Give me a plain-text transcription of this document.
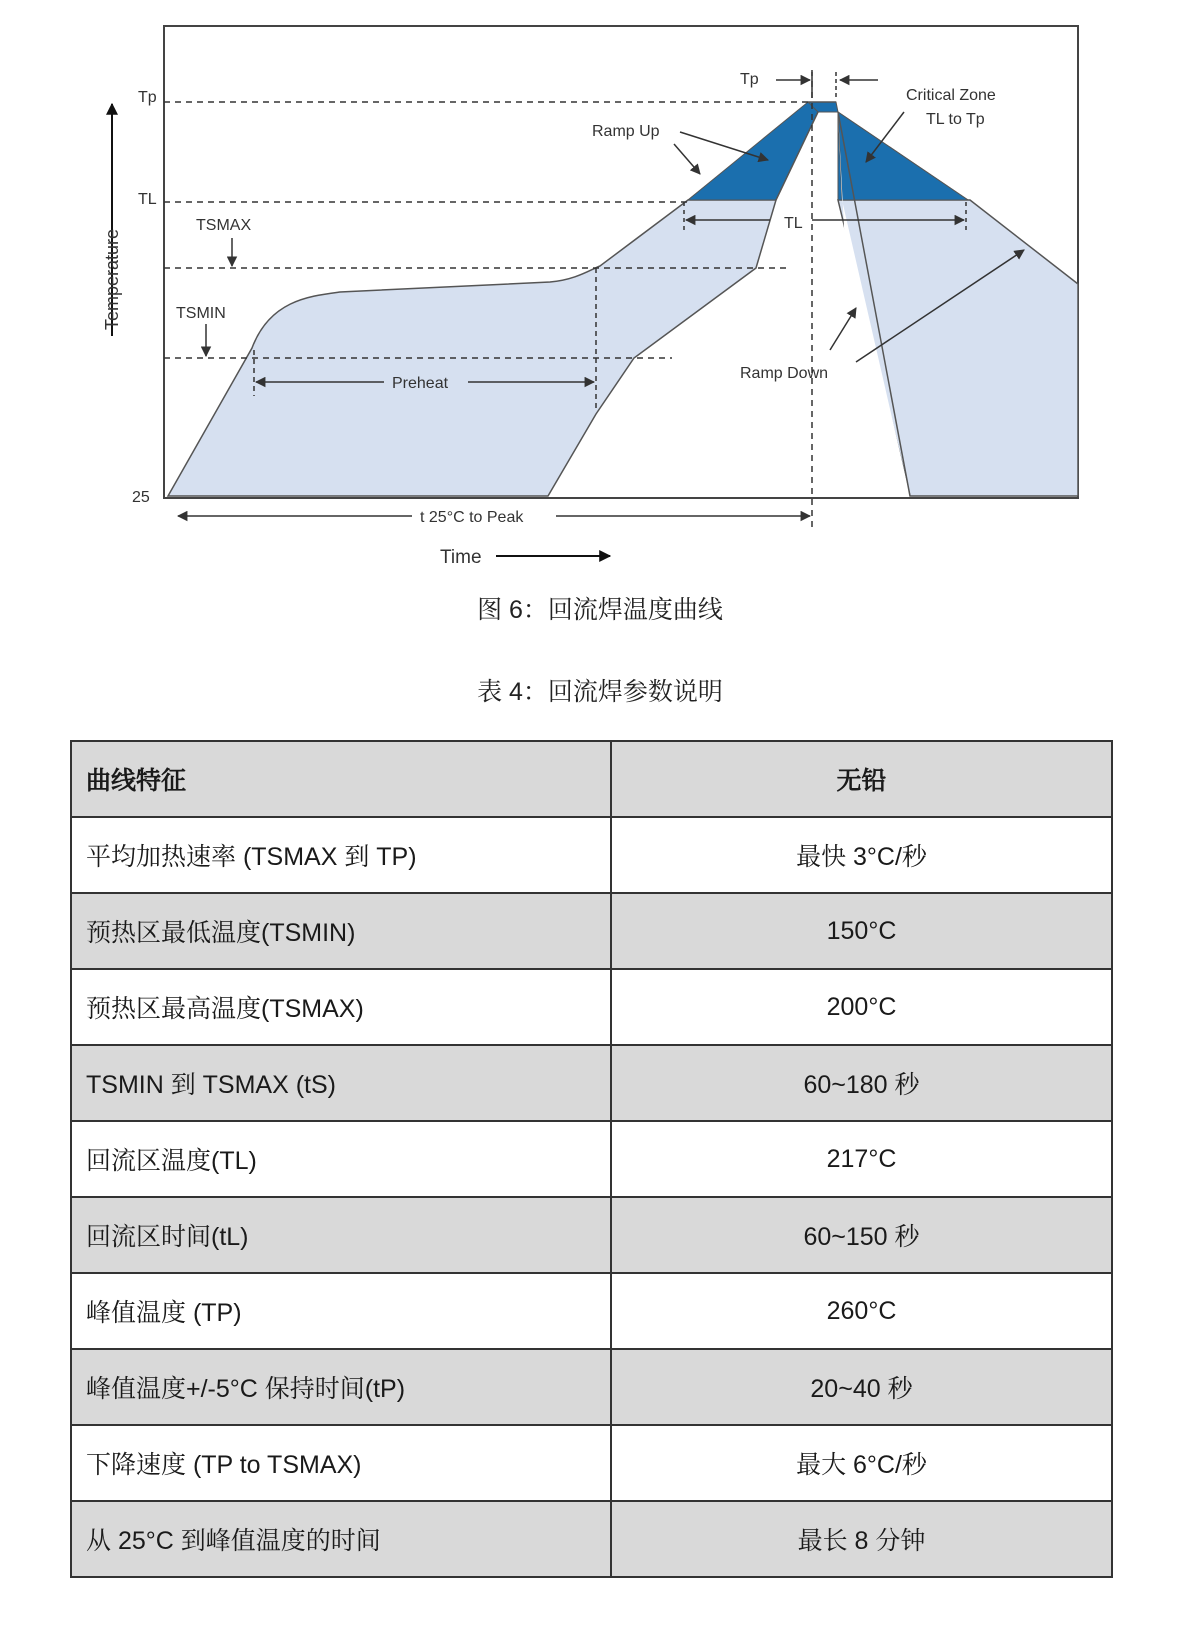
Temperature
Time
Tp
TL
TSMAX
TSMIN
25
Tp
Critical Zone
TL to Tp
Ramp Up
TL
Preheat
Ramp Down
t 25°C to Peak
图 6：回流焊温度曲线
表 4：回流焊参数说明
曲线特征	无铅
平均加热速率 (TSMAX 到 TP)	最快 3°C/秒
预热区最低温度(TSMIN)	150°C
预热区最高温度(TSMAX)	200°C
TSMIN 到 TSMAX (tS)	60~180 秒
回流区温度(TL)	217°C
回流区时间(tL)	60~150 秒
峰值温度 (TP)	260°C
峰值温度+/-5°C 保持时间(tP)	20~40 秒
下降速度 (TP to TSMAX)	最大 6°C/秒
从 25°C 到峰值温度的时间	最长 8 分钟
